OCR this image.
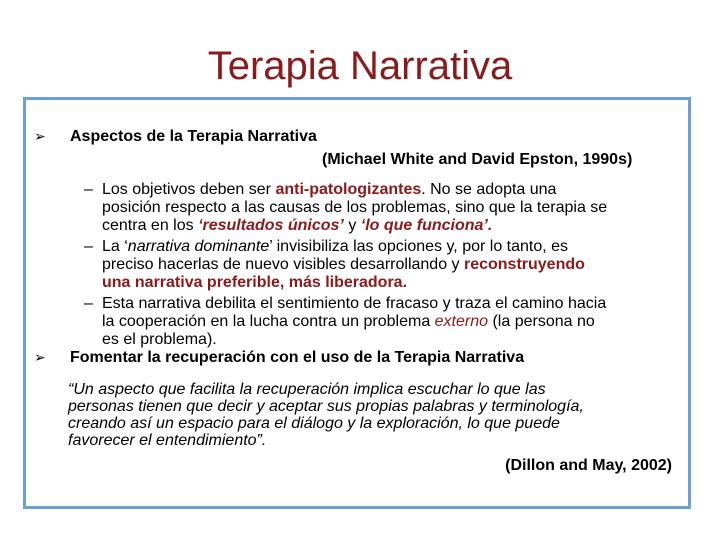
Terapia Narrativa
➢ Aspectos de la Terapia Narrativa
(Michael White and David Epston, 1990s)
– Los objetivos deben ser anti-patologizantes. No se adopta una
posición respecto a las causas de los problemas, sino que la terapia se
centra en los ‘resultados únicos’ y ‘lo que funciona’.
– La ‘narrativa dominante’ invisibiliza las opciones y, por lo tanto, es
preciso hacerlas de nuevo visibles desarrollando y reconstruyendo
una narrativa preferible, más liberadora.
– Esta narrativa debilita el sentimiento de fracaso y traza el camino hacia
la cooperación en la lucha contra un problema externo (la persona no
es el problema).
➢ Fomentar la recuperación con el uso de la Terapia Narrativa
“Un aspecto que facilita la recuperación implica escuchar lo que las
personas tienen que decir y aceptar sus propias palabras y terminología,
creando así un espacio para el diálogo y la exploración, lo que puede
favorecer el entendimiento”.
(Dillon and May, 2002)
